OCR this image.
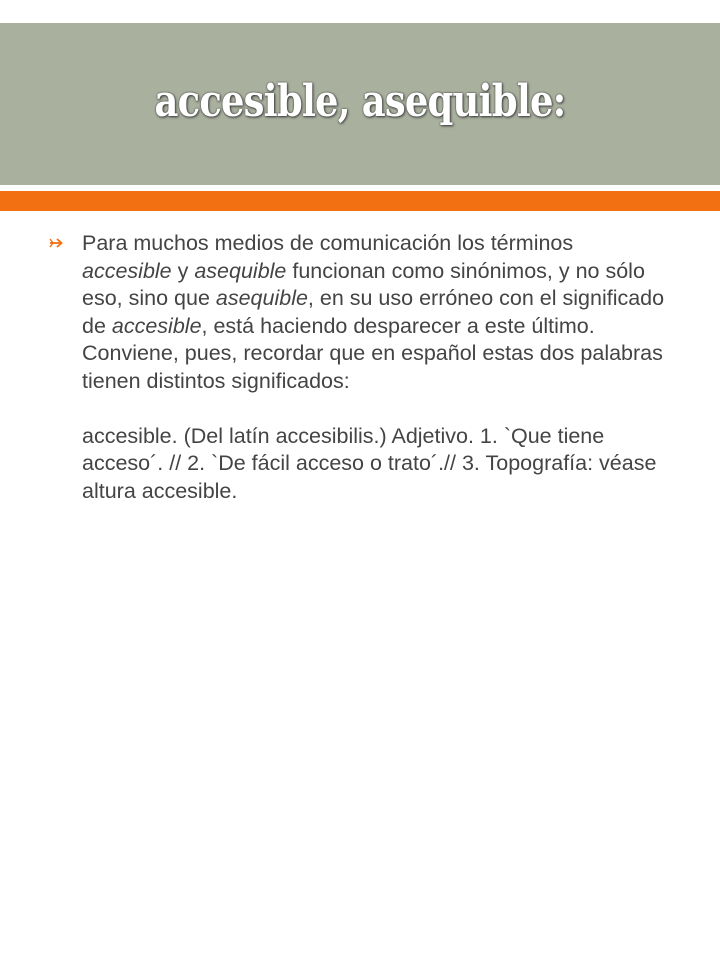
accesible, asequible:

Para muchos medios de comunicación los términos accesible y asequible funcionan como sinónimos, y no sólo eso, sino que asequible, en su uso erróneo con el significado de accesible, está haciendo desparecer a este último. Conviene, pues, recordar que en español estas dos palabras tienen distintos significados:

accesible. (Del latín accesibilis.) Adjetivo. 1. `Que tiene acceso´. // 2. `De fácil acceso o trato´.// 3. Topografía: véase altura accesible.
